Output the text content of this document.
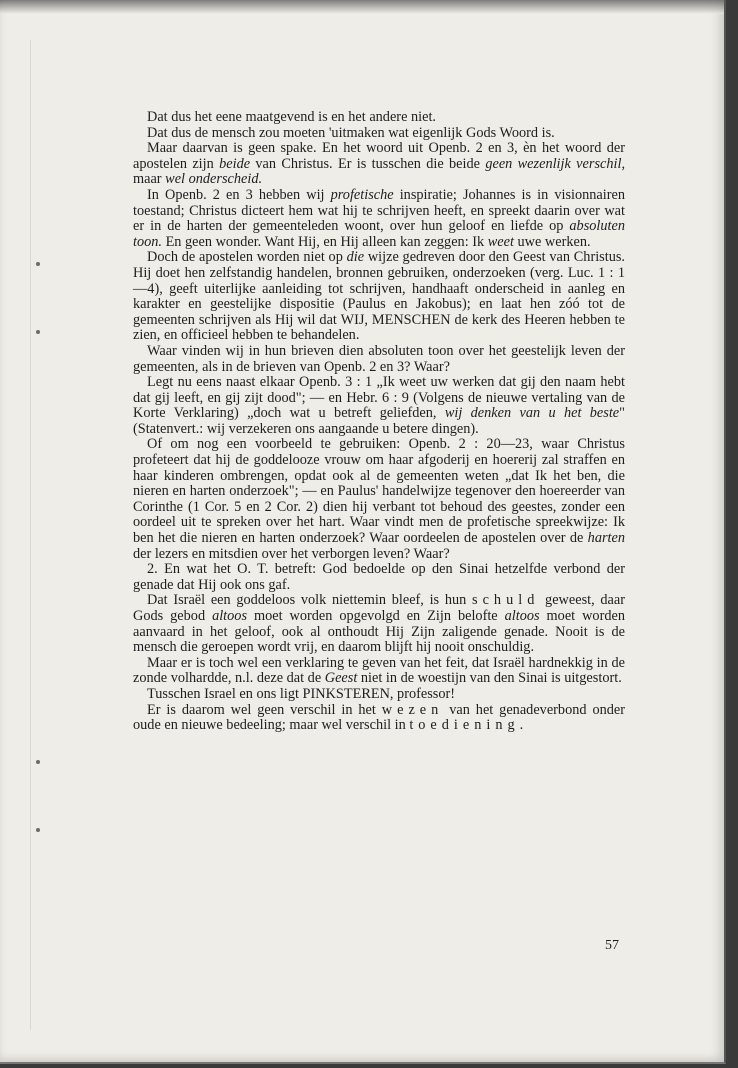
Dat dus het eene maatgevend is en het andere niet.

Dat dus de mensch zou moeten 'uitmaken wat eigenlijk Gods Woord is.

Maar daarvan is geen spake. En het woord uit Openb. 2 en 3, èn het woord der apostelen zijn beide van Christus. Er is tusschen die beide geen wezenlijk verschil, maar wel onderscheid.

In Openb. 2 en 3 hebben wij profetische inspiratie; Johannes is in visionnairen toestand; Christus dicteert hem wat hij te schrijven heeft, en spreekt daarin over wat er in de harten der gemeenteleden woont, over hun geloof en liefde op absoluten toon. En geen wonder. Want Hij, en Hij alleen kan zeggen: Ik weet uwe werken.

Doch de apostelen worden niet op die wijze gedreven door den Geest van Christus. Hij doet hen zelfstandig handelen, bronnen gebruiken, onderzoeken (verg. Luc. 1 : 1—4), geeft uiterlijke aanleiding tot schrijven, handhaaft onderscheid in aanleg en karakter en geestelijke dispositie (Paulus en Jakobus); en laat hen zóó tot de gemeenten schrijven als Hij wil dat WIJ, MENSCHEN de kerk des Heeren hebben te zien, en officieel hebben te behandelen.

Waar vinden wij in hun brieven dien absoluten toon over het geestelijk leven der gemeenten, als in de brieven van Openb. 2 en 3? Waar?

Legt nu eens naast elkaar Openb. 3 : 1 „Ik weet uw werken dat gij den naam hebt dat gij leeft, en gij zijt dood"; — en Hebr. 6 : 9 (Volgens de nieuwe vertaling van de Korte Verklaring) „doch wat u betreft geliefden, wij denken van u het beste" (Statenvert.: wij verzekeren ons aangaande u betere dingen).

Of om nog een voorbeeld te gebruiken: Openb. 2 : 20—23, waar Christus profeteert dat hij de goddelooze vrouw om haar afgoderij en hoererij zal straffen en haar kinderen ombrengen, opdat ook al de gemeenten weten „dat Ik het ben, die nieren en harten onderzoek"; — en Paulus' handelwijze tegenover den hoereerder van Corinthe (1 Cor. 5 en 2 Cor. 2) dien hij verbant tot behoud des geestes, zonder een oordeel uit te spreken over het hart. Waar vindt men de profetische spreekwijze: Ik ben het die nieren en harten onderzoek? Waar oordeelen de apostelen over de harten der lezers en mitsdien over het verborgen leven? Waar?

2. En wat het O. T. betreft: God bedoelde op den Sinai hetzelfde verbond der genade dat Hij ook ons gaf.

Dat Israël een goddeloos volk niettemin bleef, is hun schuld geweest, daar Gods gebod altoos moet worden opgevolgd en Zijn belofte altoos moet worden aanvaard in het geloof, ook al onthoudt Hij Zijn zaligende genade. Nooit is de mensch die geroepen wordt vrij, en daarom blijft hij nooit onschuldig.

Maar er is toch wel een verklaring te geven van het feit, dat Israël hardnekkig in de zonde volhardde, n.l. deze dat de Geest niet in de woestijn van den Sinai is uitgestort.

Tusschen Israel en ons ligt PINKSTEREN, professor!

Er is daarom wel geen verschil in het wezen van het genadeverbond onder oude en nieuwe bedeeling; maar wel verschil in toediening.

57
